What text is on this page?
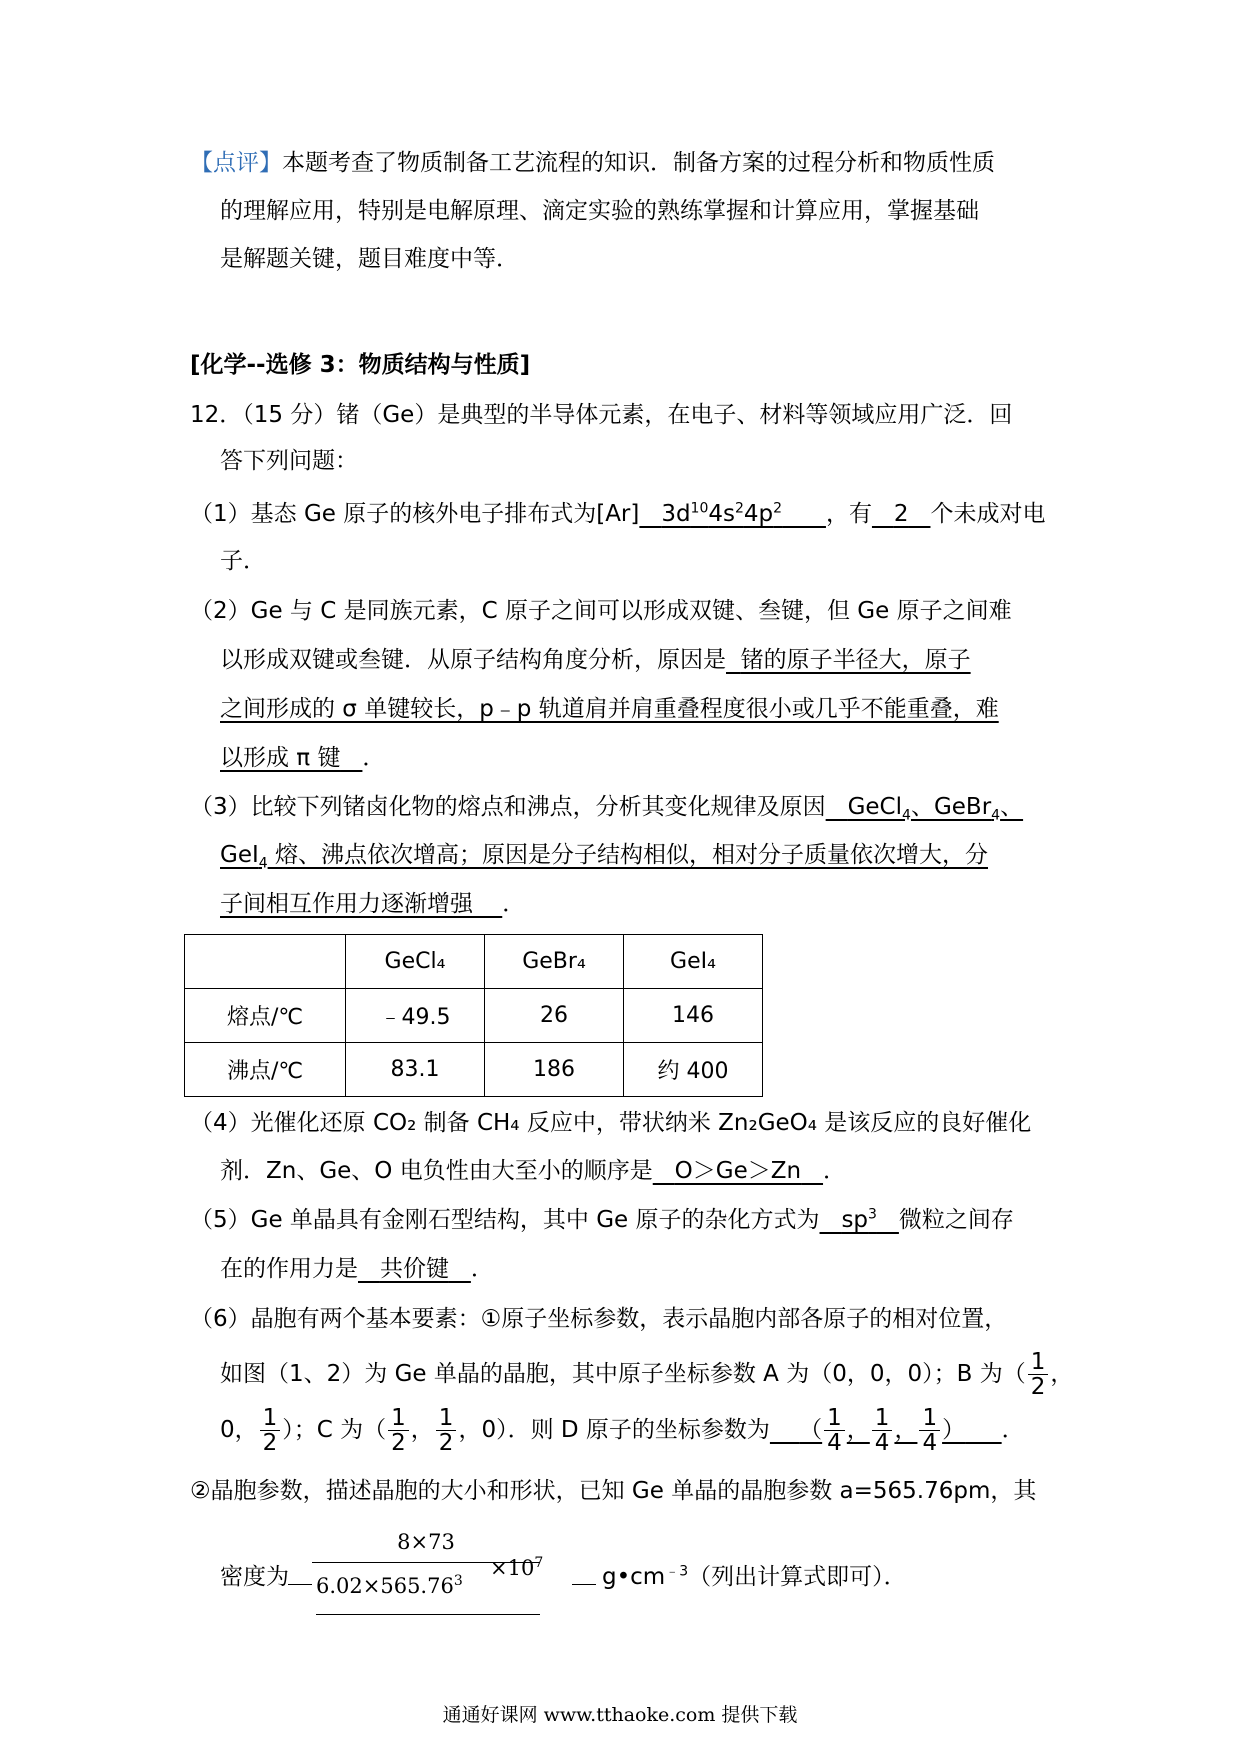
【点评】本题考查了物质制备工艺流程的知识．制备方案的过程分析和物质性质
的理解应用，特别是电解原理、滴定实验的熟练掌握和计算应用，掌握基础
是解题关键，题目难度中等．
[化学--选修 3：物质结构与性质]
12．（15 分）锗（Ge）是典型的半导体元素，在电子、材料等领域应用广泛．回
答下列问题：
（1）基态 Ge 原子的核外电子排布式为[Ar] $3d^{10}4s^24p^2$ ，有 2 个未成对电
子．
（2）Ge 与 C 是同族元素，C 原子之间可以形成双键、叁键，但 Ge 原子之间难
以形成双键或叁键．从原子结构角度分析，原因是 锗的原子半径大，原子
之间形成的 σ 单键较长，p﹣p 轨道肩并肩重叠程度很小或几乎不能重叠，难
以形成 π 键 ．
（3）比较下列锗卤化物的熔点和沸点，分析其变化规律及原因 GeCl$_4$、GeBr$_4$、
GeI$_4$ 熔、沸点依次增高；原因是分子结构相似，相对分子质量依次增大，分
子间相互作用力逐渐增强 ．
	GeCl₄	GeBr₄	GeI₄
熔点/℃	﹣49.5	26	146
沸点/℃	83.1	186	约 400
（4）光催化还原 CO₂ 制备 CH₄ 反应中，带状纳米 Zn₂GeO₄ 是该反应的良好催化
剂．Zn、Ge、O 电负性由大至小的顺序是 O＞Ge＞Zn ．
（5）Ge 单晶具有金刚石型结构，其中 Ge 原子的杂化方式为 $sp^3$ 微粒之间存
在的作用力是 共价键 ．
（6）晶胞有两个基本要素：①原子坐标参数，表示晶胞内部各原子的相对位置，
如图（1、2）为 Ge 单晶的晶胞，其中原子坐标参数 A 为（0，0，0）；B 为（ $\frac{1}{2}$ ，
0， $\frac{1}{2}$ ）；C 为（ $\frac{1}{2}$ ， $\frac{1}{2}$ ，0）．则 D 原子的坐标参数为 （ $\frac{1}{4}$ ， $\frac{1}{4}$ ， $\frac{1}{4}$ ） ．
②晶胞参数，描述晶胞的大小和形状，已知 Ge 单晶的晶胞参数 a=565.76pm，其
密度为
8×73
$6.02\times 565.76^3$
$\times 10^7$
$g•cm^{﹣3}$（列出计算式即可）．
通通好课网 www.tthaoke.com 提供下载
